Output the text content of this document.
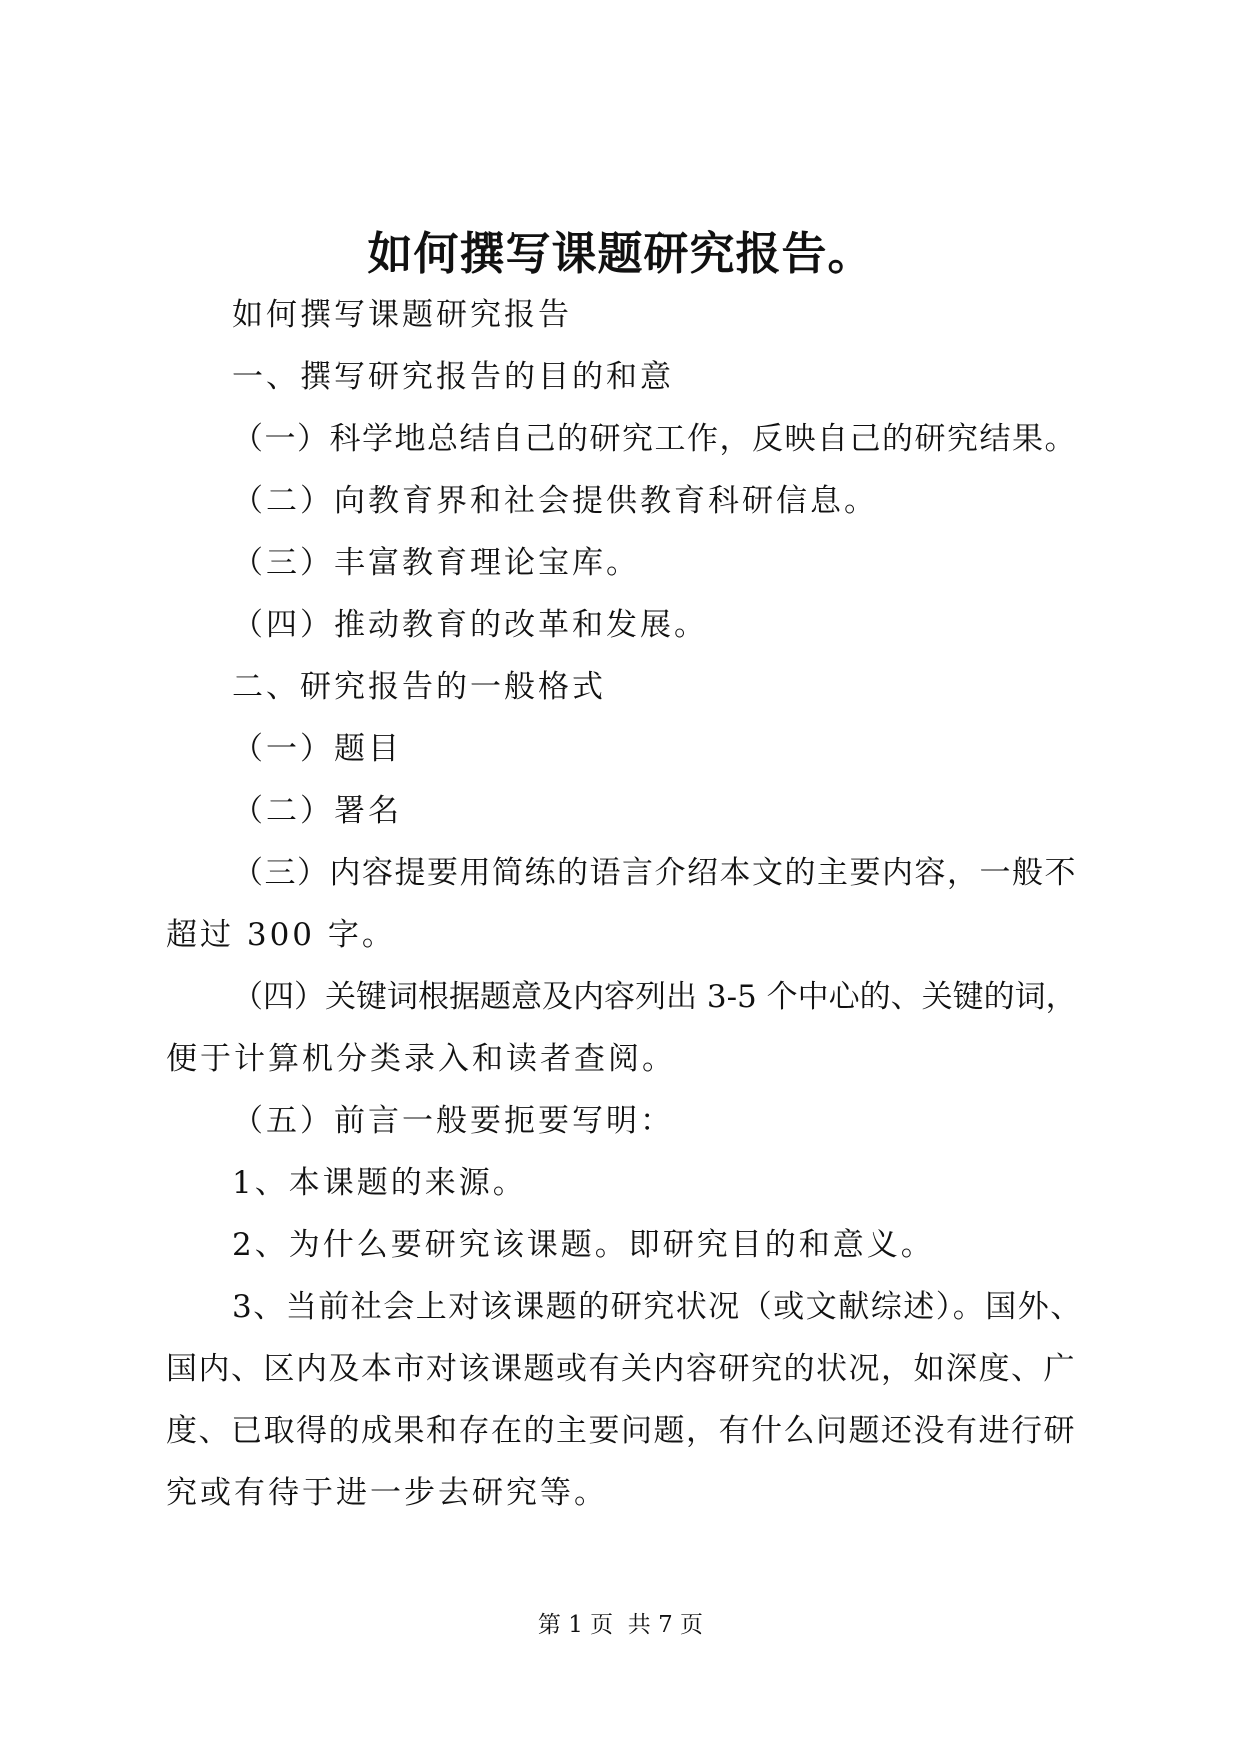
如何撰写课题研究报告。
如何撰写课题研究报告
一、撰写研究报告的目的和意
（一）科学地总结自己的研究工作，反映自己的研究结果。
（二）向教育界和社会提供教育科研信息。
（三）丰富教育理论宝库。
（四）推动教育的改革和发展。
二、研究报告的一般格式
（一）题目
（二）署名
（三）内容提要用简练的语言介绍本文的主要内容，一般不
超过 300 字。
（四）关键词根据题意及内容列出 3-5 个中心的、关键的词，
便于计算机分类录入和读者查阅。
（五）前言一般要扼要写明：
1、本课题的来源。
2、为什么要研究该课题。即研究目的和意义。
3、当前社会上对该课题的研究状况（或文献综述）。国外、
国内、区内及本市对该课题或有关内容研究的状况，如深度、广
度、已取得的成果和存在的主要问题，有什么问题还没有进行研
究或有待于进一步去研究等。
第 1 页  共 7 页
